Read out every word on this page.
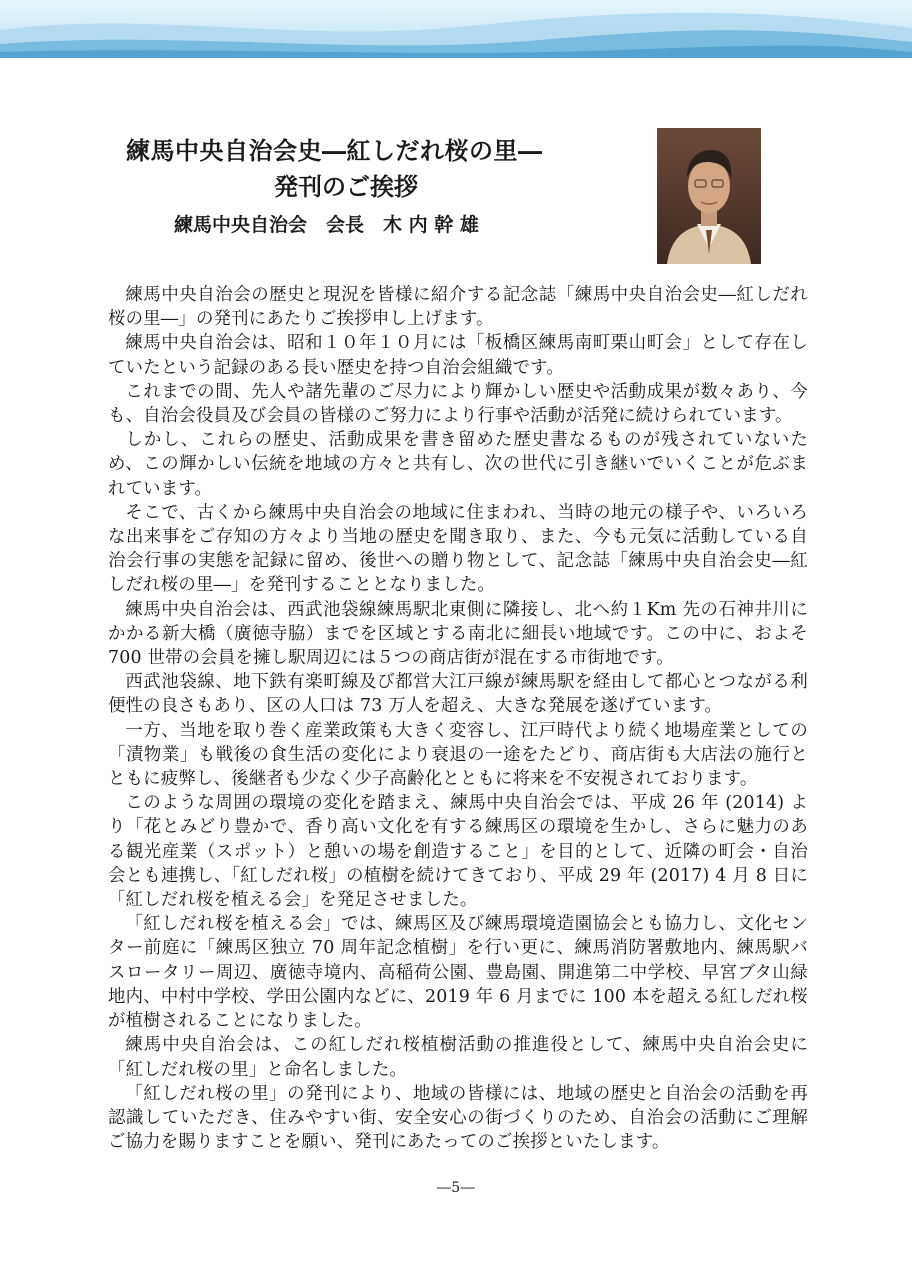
練馬中央自治会史―紅しだれ桜の里―
発刊のご挨拶
練馬中央自治会　会長　木 内 幹 雄

練馬中央自治会の歴史と現況を皆様に紹介する記念誌「練馬中央自治会史―紅しだれ桜の里―」の発刊にあたりご挨拶申し上げます。

練馬中央自治会は、昭和１０年１０月には「板橋区練馬南町栗山町会」として存在していたという記録のある長い歴史を持つ自治会組織です。

これまでの間、先人や諸先輩のご尽力により輝かしい歴史や活動成果が数々あり、今も、自治会役員及び会員の皆様のご努力により行事や活動が活発に続けられています。

しかし、これらの歴史、活動成果を書き留めた歴史書なるものが残されていないため、この輝かしい伝統を地域の方々と共有し、次の世代に引き継いでいくことが危ぶまれています。

そこで、古くから練馬中央自治会の地域に住まわれ、当時の地元の様子や、いろいろな出来事をご存知の方々より当地の歴史を聞き取り、また、今も元気に活動している自治会行事の実態を記録に留め、後世への贈り物として、記念誌「練馬中央自治会史―紅しだれ桜の里―」を発刊することとなりました。

練馬中央自治会は、西武池袋線練馬駅北東側に隣接し、北へ約１Km 先の石神井川にかかる新大橋（廣徳寺脇）までを区域とする南北に細長い地域です。この中に、およそ 700 世帯の会員を擁し駅周辺には５つの商店街が混在する市街地です。

西武池袋線、地下鉄有楽町線及び都営大江戸線が練馬駅を経由して都心とつながる利便性の良さもあり、区の人口は 73 万人を超え、大きな発展を遂げています。

一方、当地を取り巻く産業政策も大きく変容し、江戸時代より続く地場産業としての「漬物業」も戦後の食生活の変化により衰退の一途をたどり、商店街も大店法の施行とともに疲弊し、後継者も少なく少子高齢化とともに将来を不安視されております。

このような周囲の環境の変化を踏まえ、練馬中央自治会では、平成 26 年 (2014) より「花とみどり豊かで、香り高い文化を有する練馬区の環境を生かし、さらに魅力のある観光産業（スポット）と憩いの場を創造すること」を目的として、近隣の町会・自治会とも連携し、「紅しだれ桜」の植樹を続けてきており、平成 29 年 (2017) 4 月 8 日に「紅しだれ桜を植える会」を発足させました。

「紅しだれ桜を植える会」では、練馬区及び練馬環境造園協会とも協力し、文化センター前庭に「練馬区独立 70 周年記念植樹」を行い更に、練馬消防署敷地内、練馬駅バスロータリー周辺、廣徳寺境内、高稲荷公園、豊島園、開進第二中学校、早宮ブタ山緑地内、中村中学校、学田公園内などに、2019 年 6 月までに 100 本を超える紅しだれ桜が植樹されることになりました。

練馬中央自治会は、この紅しだれ桜植樹活動の推進役として、練馬中央自治会史に「紅しだれ桜の里」と命名しました。

「紅しだれ桜の里」の発刊により、地域の皆様には、地域の歴史と自治会の活動を再認識していただき、住みやすい街、安全安心の街づくりのため、自治会の活動にご理解ご協力を賜りますことを願い、発刊にあたってのご挨拶といたします。

―5―
